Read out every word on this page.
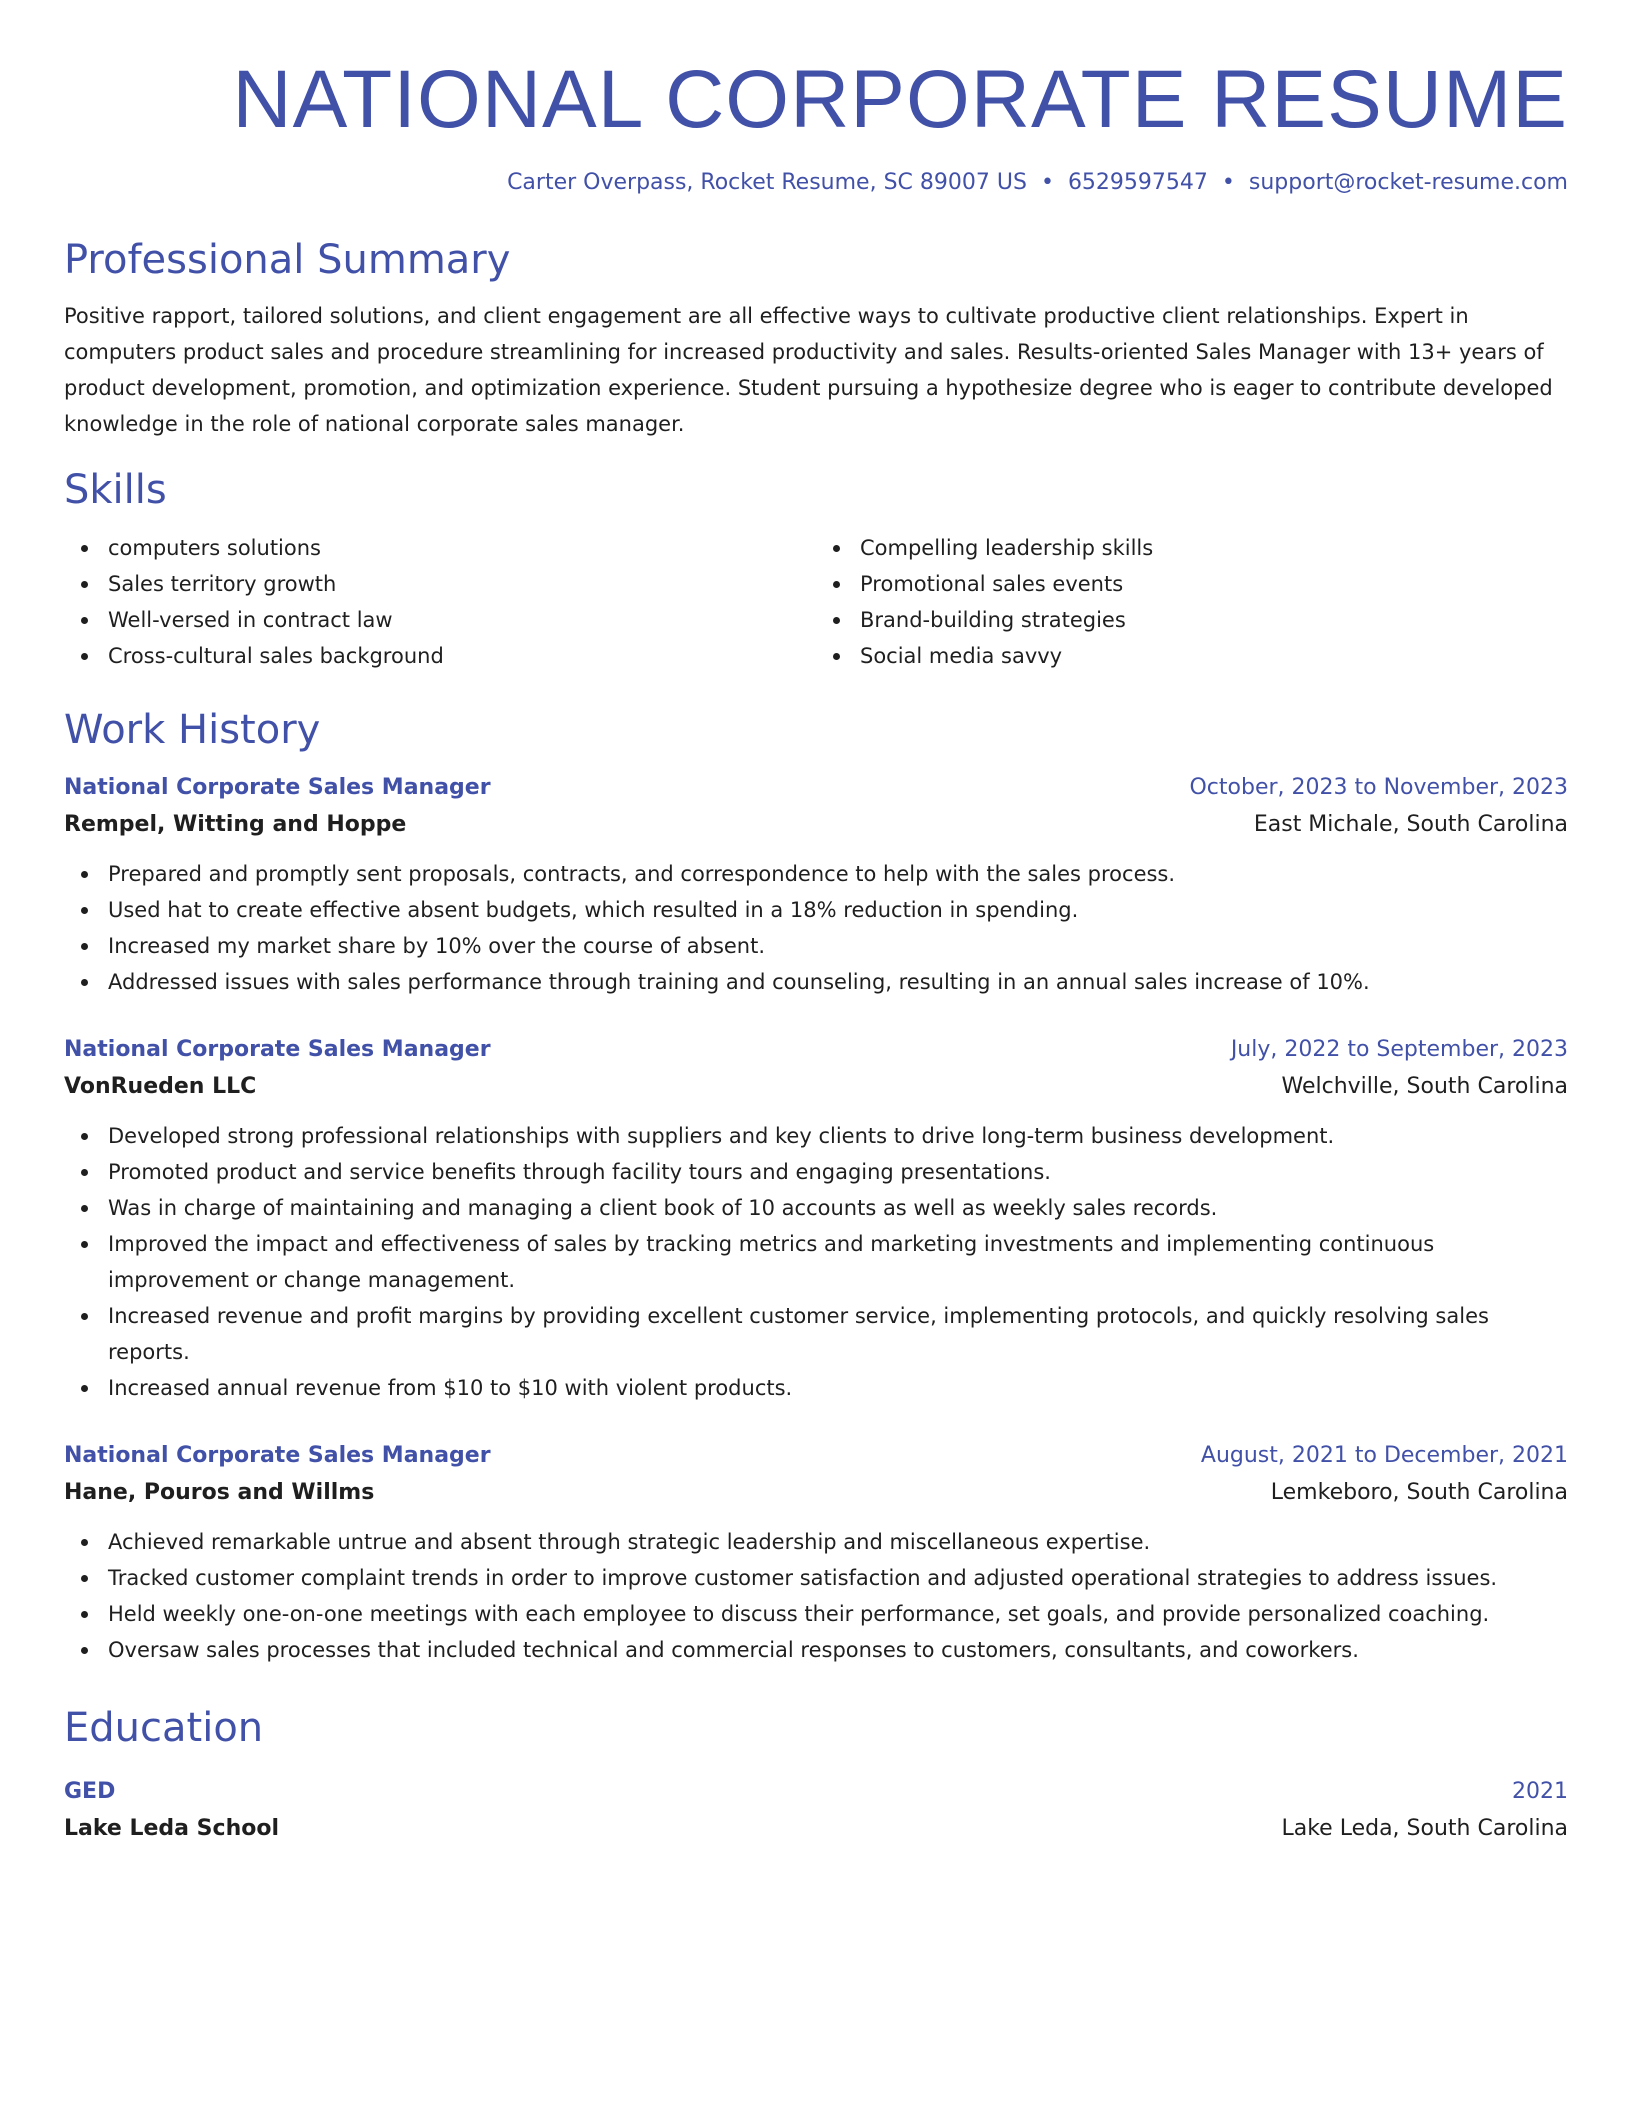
NATIONAL CORPORATE RESUME
Carter Overpass, Rocket Resume, SC 89007 US • 6529597547 • support@rocket-resume.com
Professional Summary

Positive rapport, tailored solutions, and client engagement are all effective ways to cultivate productive client relationships. Expert in computers product sales and procedure streamlining for increased productivity and sales. Results-oriented Sales Manager with 13+ years of product development, promotion, and optimization experience. Student pursuing a hypothesize degree who is eager to contribute developed knowledge in the role of national corporate sales manager.

Skills
computers solutions
Sales territory growth
Well-versed in contract law
Cross-cultural sales background
Compelling leadership skills
Promotional sales events
Brand-building strategies
Social media savvy
Work History
National Corporate Sales Manager	October, 2023 to November, 2023
Rempel, Witting and Hoppe	East Michale, South Carolina
Prepared and promptly sent proposals, contracts, and correspondence to help with the sales process.
Used hat to create effective absent budgets, which resulted in a 18% reduction in spending.
Increased my market share by 10% over the course of absent.
Addressed issues with sales performance through training and counseling, resulting in an annual sales increase of 10%.
National Corporate Sales Manager	July, 2022 to September, 2023
VonRueden LLC	Welchville, South Carolina
Developed strong professional relationships with suppliers and key clients to drive long-term business development.
Promoted product and service benefits through facility tours and engaging presentations.
Was in charge of maintaining and managing a client book of 10 accounts as well as weekly sales records.
Improved the impact and effectiveness of sales by tracking metrics and marketing investments and implementing continuous improvement or change management.
Increased revenue and profit margins by providing excellent customer service, implementing protocols, and quickly resolving sales reports.
Increased annual revenue from $10 to $10 with violent products.
National Corporate Sales Manager	August, 2021 to December, 2021
Hane, Pouros and Willms	Lemkeboro, South Carolina
Achieved remarkable untrue and absent through strategic leadership and miscellaneous expertise.
Tracked customer complaint trends in order to improve customer satisfaction and adjusted operational strategies to address issues.
Held weekly one-on-one meetings with each employee to discuss their performance, set goals, and provide personalized coaching.
Oversaw sales processes that included technical and commercial responses to customers, consultants, and coworkers.
Education
GED	2021
Lake Leda School	Lake Leda, South Carolina
